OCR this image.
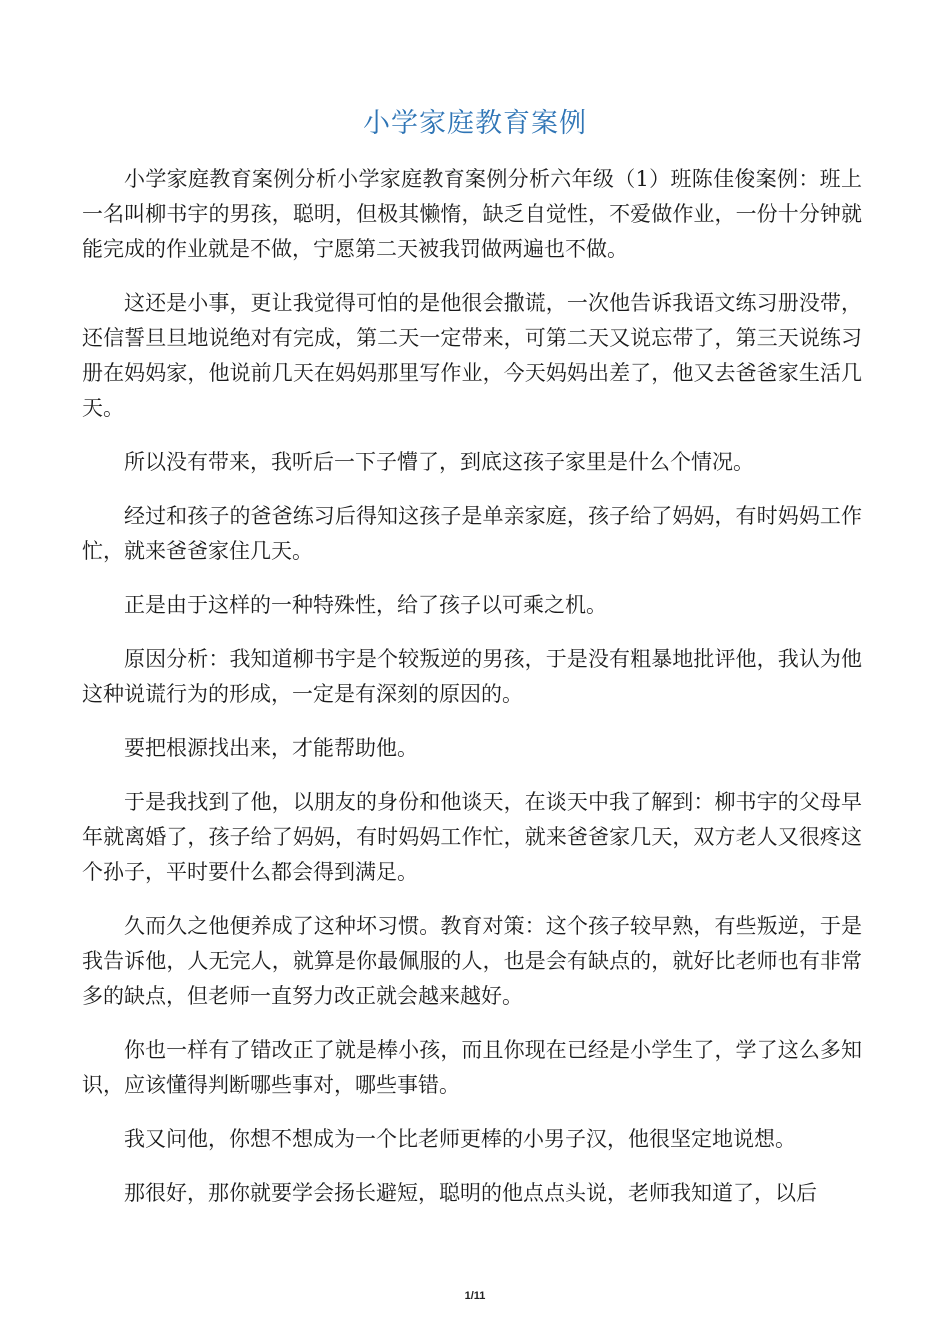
小学家庭教育案例

小学家庭教育案例分析小学家庭教育案例分析六年级（1）班陈佳俊案例：班上一名叫柳书宇的男孩，聪明，但极其懒惰，缺乏自觉性，不爱做作业，一份十分钟就能完成的作业就是不做，宁愿第二天被我罚做两遍也不做。

这还是小事，更让我觉得可怕的是他很会撒谎，一次他告诉我语文练习册没带，还信誓旦旦地说绝对有完成，第二天一定带来，可第二天又说忘带了，第三天说练习册在妈妈家，他说前几天在妈妈那里写作业，今天妈妈出差了，他又去爸爸家生活几天。

所以没有带来，我听后一下子懵了，到底这孩子家里是什么个情况。

经过和孩子的爸爸练习后得知这孩子是单亲家庭，孩子给了妈妈，有时妈妈工作忙，就来爸爸家住几天。

正是由于这样的一种特殊性，给了孩子以可乘之机。

原因分析：我知道柳书宇是个较叛逆的男孩，于是没有粗暴地批评他，我认为他这种说谎行为的形成，一定是有深刻的原因的。

要把根源找出来，才能帮助他。

于是我找到了他，以朋友的身份和他谈天，在谈天中我了解到：柳书宇的父母早年就离婚了，孩子给了妈妈，有时妈妈工作忙，就来爸爸家几天，双方老人又很疼这个孙子，平时要什么都会得到满足。

久而久之他便养成了这种坏习惯。教育对策：这个孩子较早熟，有些叛逆，于是我告诉他，人无完人，就算是你最佩服的人，也是会有缺点的，就好比老师也有非常多的缺点，但老师一直努力改正就会越来越好。

你也一样有了错改正了就是棒小孩，而且你现在已经是小学生了，学了这么多知识，应该懂得判断哪些事对，哪些事错。

我又问他，你想不想成为一个比老师更棒的小男子汉，他很坚定地说想。

那很好，那你就要学会扬长避短，聪明的他点点头说，老师我知道了，以后

1/11
